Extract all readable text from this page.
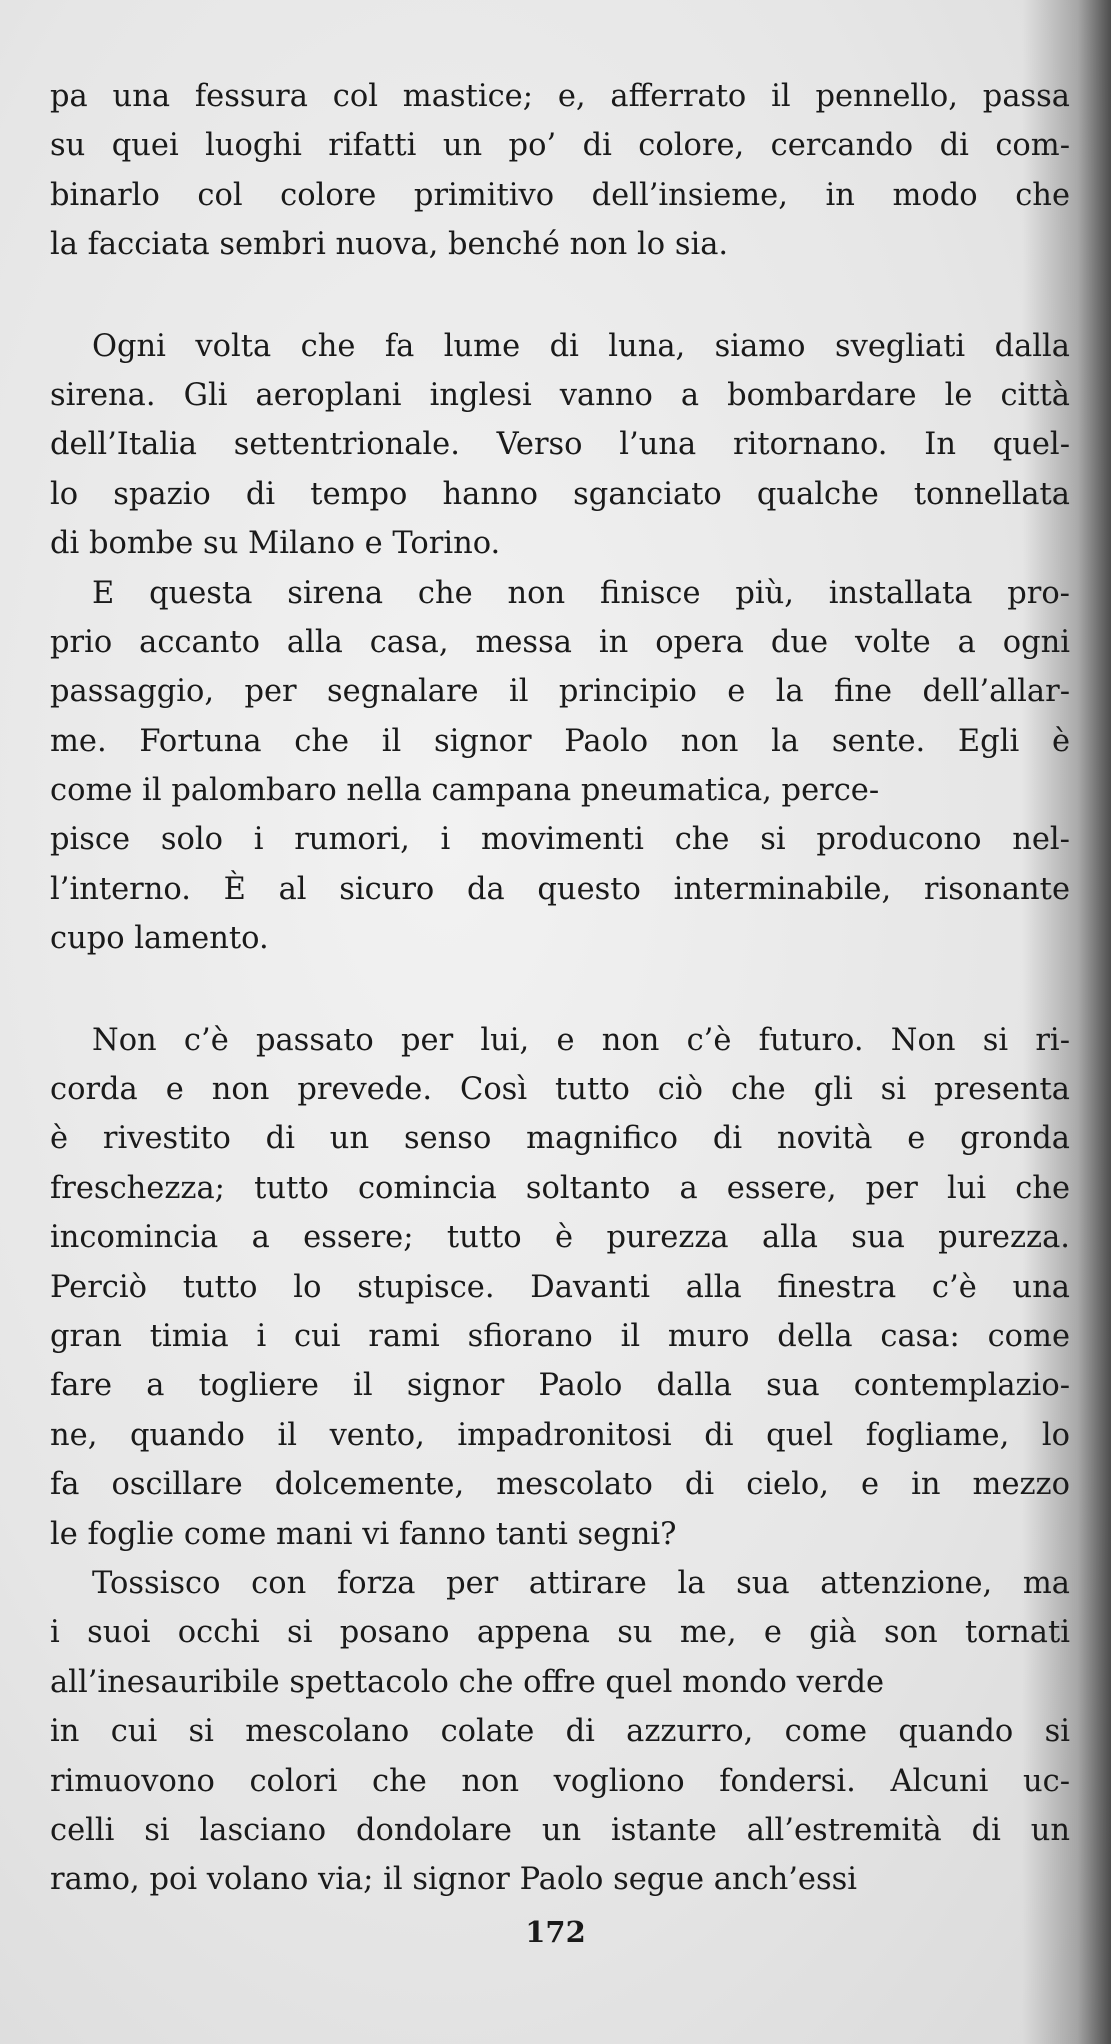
pa una fessura col mastice; e, afferrato il pennello, passa
su quei luoghi rifatti un po’ di colore, cercando di com-
binarlo col colore primitivo dell’insieme, in modo che
la facciata sembri nuova, benché non lo sia.
Ogni volta che fa lume di luna, siamo svegliati dalla
sirena. Gli aeroplani inglesi vanno a bombardare le città
dell’Italia settentrionale. Verso l’una ritornano. In quel-
lo spazio di tempo hanno sganciato qualche tonnellata
di bombe su Milano e Torino.
E questa sirena che non finisce più, installata pro-
prio accanto alla casa, messa in opera due volte a ogni
passaggio, per segnalare il principio e la fine dell’allar-
me. Fortuna che il signor Paolo non la sente. Egli è
come il palombaro nella campana pneumatica, perce-
pisce solo i rumori, i movimenti che si producono nel-
l’interno. È al sicuro da questo interminabile, risonante
cupo lamento.
Non c’è passato per lui, e non c’è futuro. Non si ri-
corda e non prevede. Così tutto ciò che gli si presenta
è rivestito di un senso magnifico di novità e gronda
freschezza; tutto comincia soltanto a essere, per lui che
incomincia a essere; tutto è purezza alla sua purezza.
Perciò tutto lo stupisce. Davanti alla finestra c’è una
gran timia i cui rami sfiorano il muro della casa: come
fare a togliere il signor Paolo dalla sua contemplazio-
ne, quando il vento, impadronitosi di quel fogliame, lo
fa oscillare dolcemente, mescolato di cielo, e in mezzo
le foglie come mani vi fanno tanti segni?
Tossisco con forza per attirare la sua attenzione, ma
i suoi occhi si posano appena su me, e già son tornati
all’inesauribile spettacolo che offre quel mondo verde
in cui si mescolano colate di azzurro, come quando si
rimuovono colori che non vogliono fondersi. Alcuni uc-
celli si lasciano dondolare un istante all’estremità di un
ramo, poi volano via; il signor Paolo segue anch’essi
172
